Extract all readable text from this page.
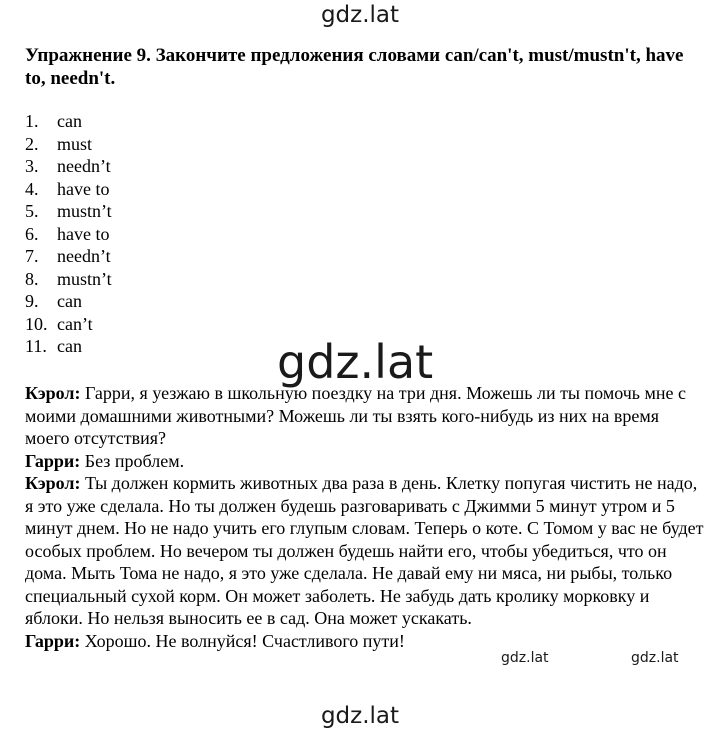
gdz.lat
Упражнение 9. Закончите предложения словами can/can't, must/mustn't, have to, needn't.
1. can
2. must
3. needn’t
4. have to
5. mustn’t
6. have to
7. needn’t
8. mustn’t
9. can
10. can’t
11. can	gdz.lat

Кэрол: Гарри, я уезжаю в школьную поездку на три дня. Можешь ли ты помочь мне с моими домашними животными? Можешь ли ты взять кого-нибудь из них на время моего отсутствия?

Гарри: Без проблем.

Кэрол: Ты должен кормить животных два раза в день. Клетку попугая чистить не надо, я это уже сделала. Но ты должен будешь разговаривать с Джимми 5 минут утром и 5 минут днем. Но не надо учить его глупым словам. Теперь о коте. С Томом у вас не будет особых проблем. Но вечером ты должен будешь найти его, чтобы убедиться, что он дома. Мыть Тома не надо, я это уже сделала. Не давай ему ни мяса, ни рыбы, только специальный сухой корм. Он может заболеть. Не забудь дать кролику морковку и яблоки. Но нельзя выносить ее в сад. Она может ускакать.

Гарри: Хорошо. Не волнуйся! Счастливого пути!

gdz.lat	gdz.lat
gdz.lat
